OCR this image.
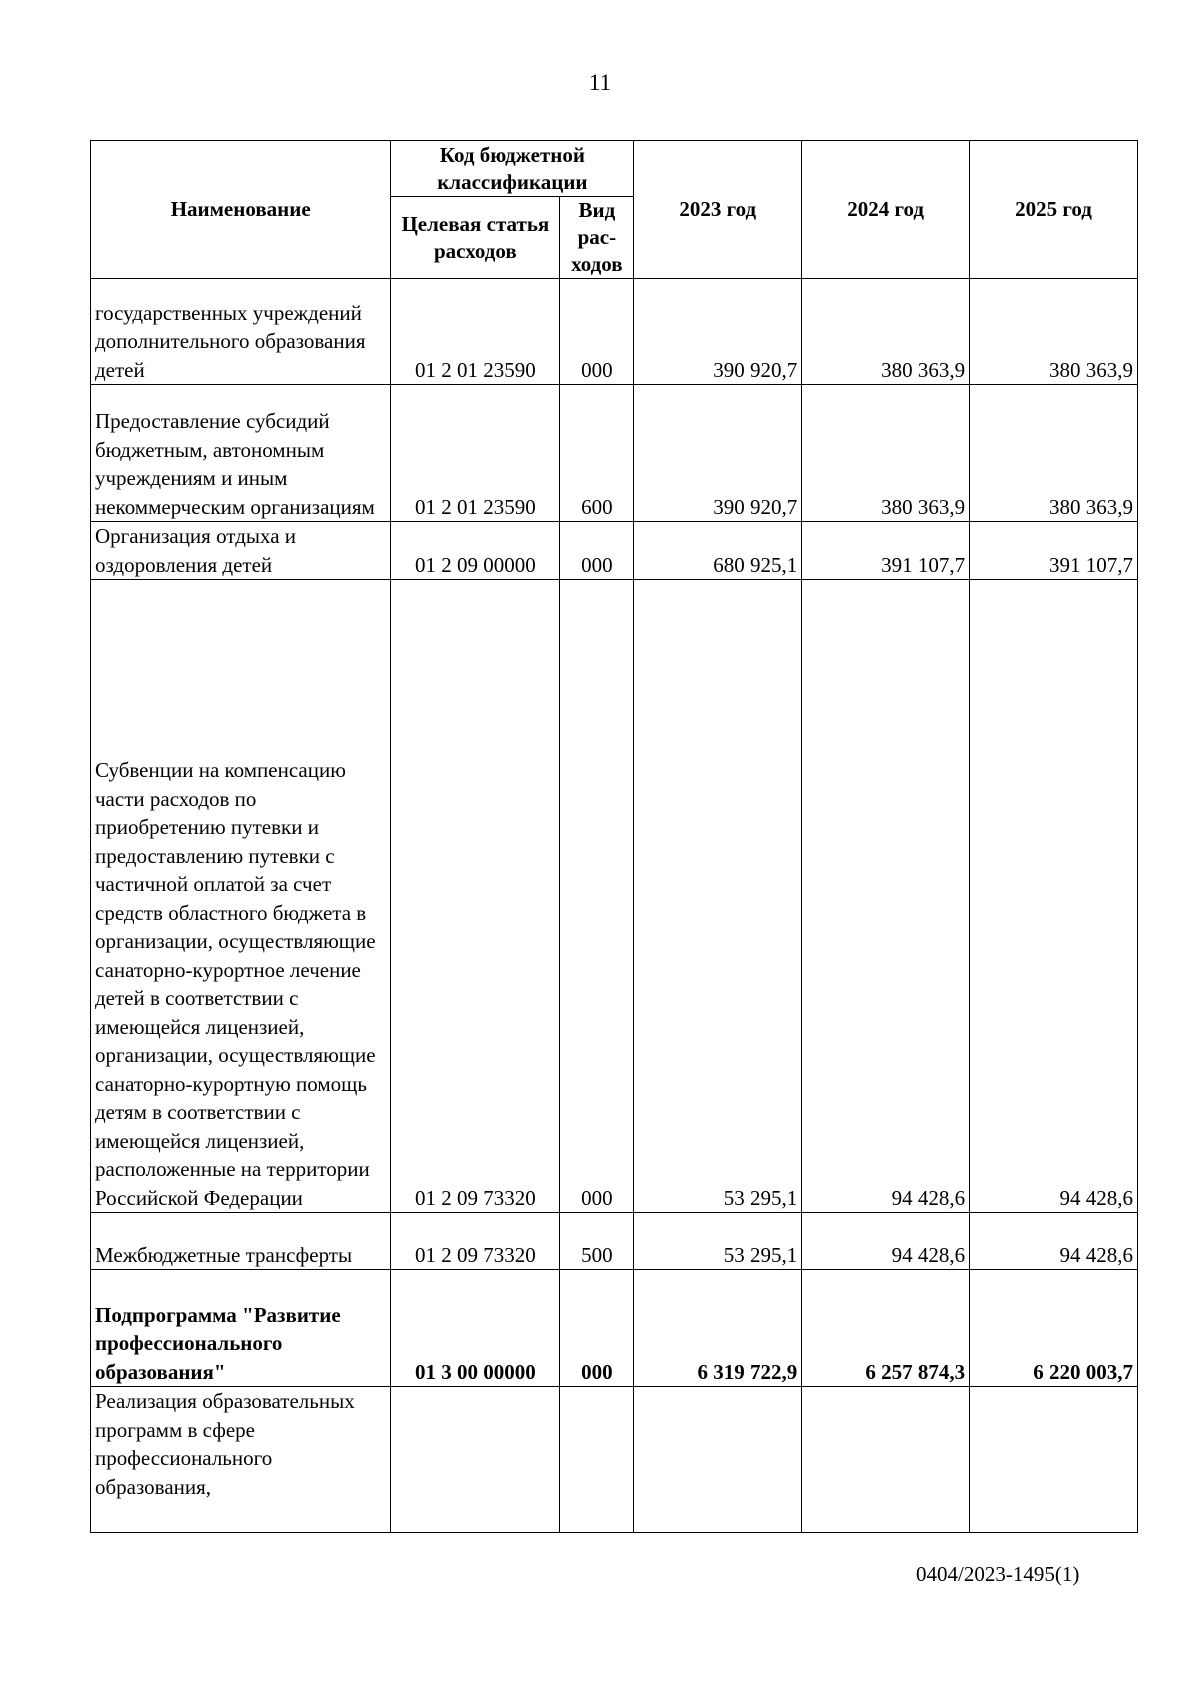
11
Наименование	Код бюджетной классификации		2023 год	2024 год	2025 год
	Целевая статья расходов	Вид рас-ходов			
государственных учреждений дополнительного образования детей	01 2 01 23590	000	390 920,7	380 363,9	380 363,9
Предоставление субсидий бюджетным, автономным учреждениям и иным некоммерческим организациям	01 2 01 23590	600	390 920,7	380 363,9	380 363,9
Организация отдыха и оздоровления детей	01 2 09 00000	000	680 925,1	391 107,7	391 107,7
Субвенции на компенсацию части расходов по приобретению путевки и предоставлению путевки с частичной оплатой за счет средств областного бюджета в организации, осуществляющие санаторно-курортное лечение детей в соответствии с имеющейся лицензией, организации, осуществляющие санаторно-курортную помощь детям в соответствии с имеющейся лицензией, расположенные на территории Российской Федерации	01 2 09 73320	000	53 295,1	94 428,6	94 428,6
Межбюджетные трансферты	01 2 09 73320	500	53 295,1	94 428,6	94 428,6
Подпрограмма "Развитие профессионального образования"	01 3 00 00000	000	6 319 722,9	6 257 874,3	6 220 003,7
Реализация образовательных программ в сфере профессионального образования,					
0404/2023-1495(1)
